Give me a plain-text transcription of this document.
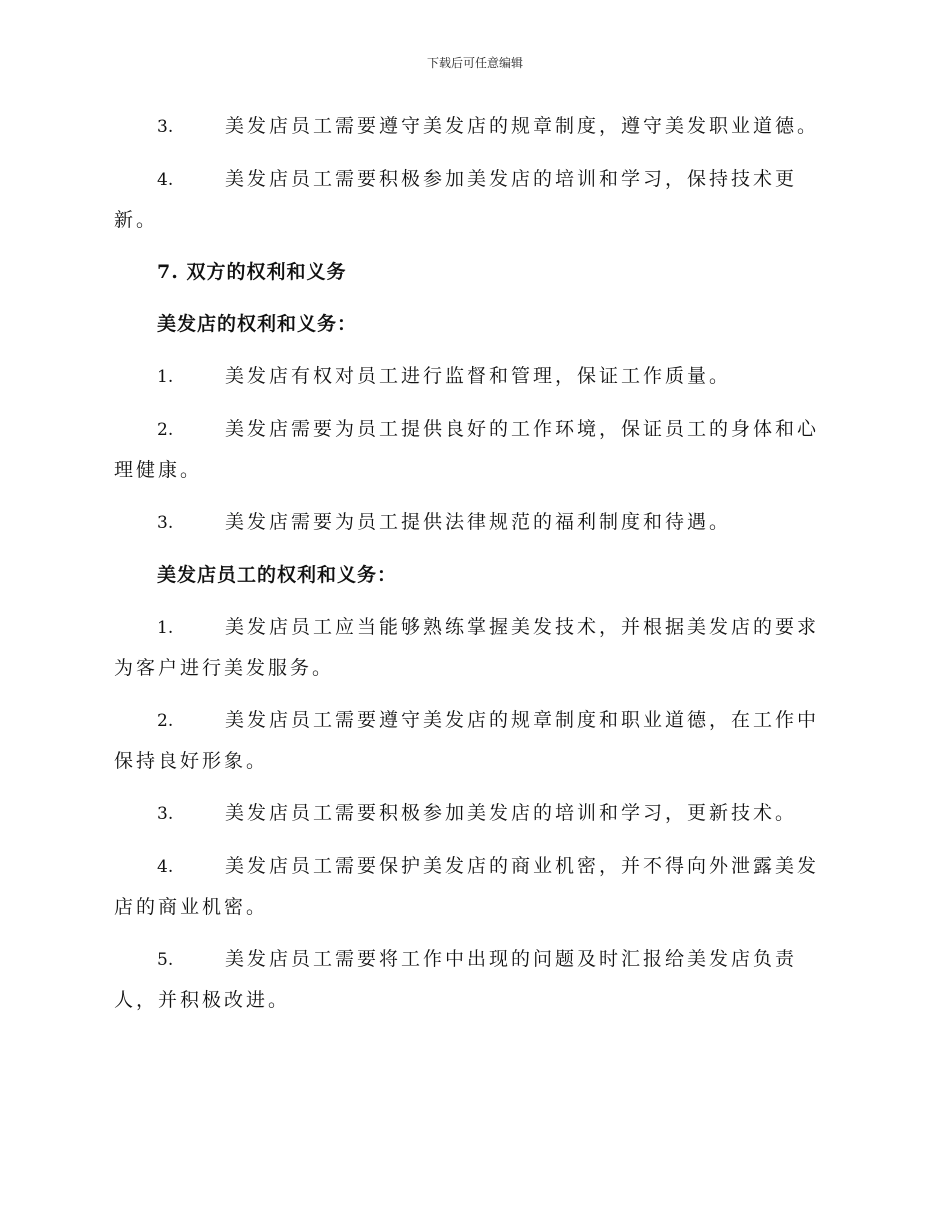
下载后可任意编辑

3.	美发店员工需要遵守美发店的规章制度，遵守美发职业道德。

4.	美发店员工需要积极参加美发店的培训和学习，保持技术更新。

7. 双方的权利和义务

美发店的权利和义务：

1.	美发店有权对员工进行监督和管理，保证工作质量。

2.	美发店需要为员工提供良好的工作环境，保证员工的身体和心理健康。

3.	美发店需要为员工提供法律规范的福利制度和待遇。

美发店员工的权利和义务：

1.	美发店员工应当能够熟练掌握美发技术，并根据美发店的要求为客户进行美发服务。

2.	美发店员工需要遵守美发店的规章制度和职业道德，在工作中保持良好形象。

3.	美发店员工需要积极参加美发店的培训和学习，更新技术。

4.	美发店员工需要保护美发店的商业机密，并不得向外泄露美发店的商业机密。

5.	美发店员工需要将工作中出现的问题及时汇报给美发店负责人，并积极改进。
